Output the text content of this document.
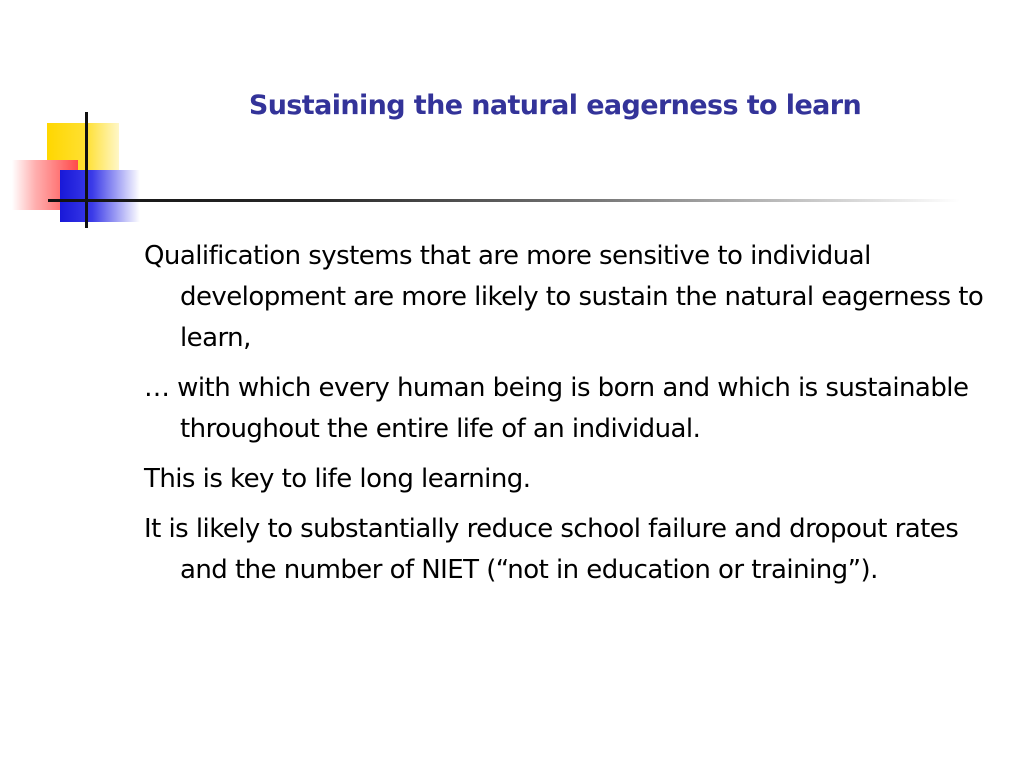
Sustaining the natural eagerness to learn

Qualification systems that are more sensitive to individual development are more likely to sustain the natural eagerness to learn,

… with which every human being is born and which is sustainable throughout the entire life of an individual.

This is key to life long learning.

It is likely to substantially reduce school failure and dropout rates and the number of NIET (“not in education or training”).
